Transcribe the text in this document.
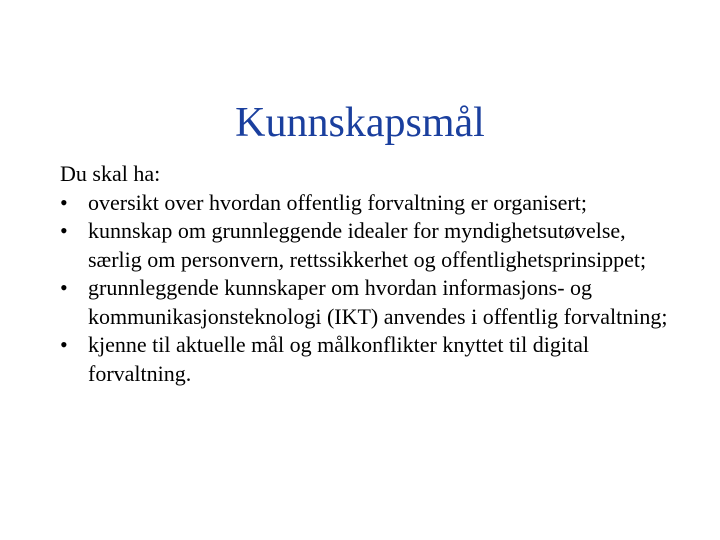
Kunnskapsmål
Du skal ha:
• oversikt over hvordan offentlig forvaltning er organisert;
• kunnskap om grunnleggende idealer for myndighetsutøvelse, særlig om personvern, rettssikkerhet og offentlighetsprinsippet;
• grunnleggende kunnskaper om hvordan informasjons- og kommunikasjonsteknologi (IKT) anvendes i offentlig forvaltning;
• kjenne til aktuelle mål og målkonflikter knyttet til digital forvaltning.
